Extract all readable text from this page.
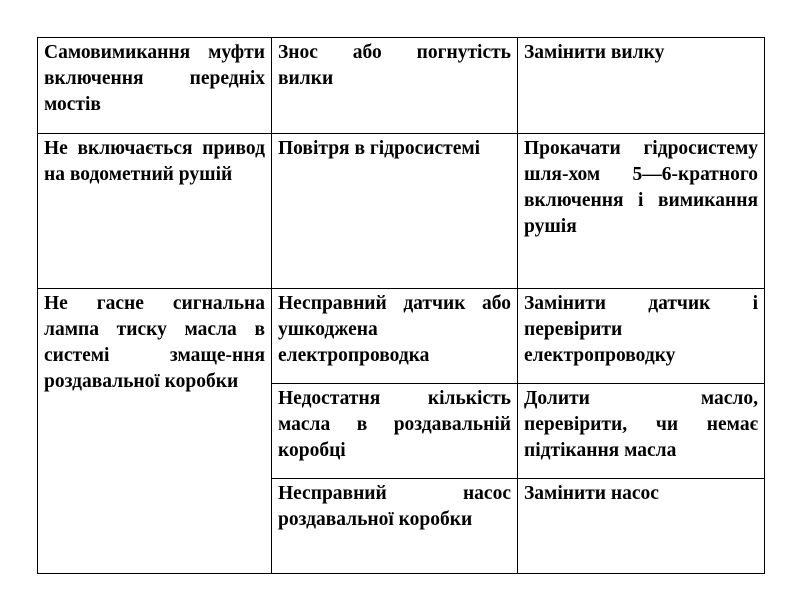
Самовимикання муфти включення передніх мостів	Знос або погнутість вилки	Замінити вилку
Не включається привод на водометний рушій	Повітря в гідросистемі	Прокачати гідросистему шля-хом 5—6-кратного включення і вимикання рушія
Не гасне сигнальна лампа тиску масла в системі змаще-ння роздавальної коробки	Несправний датчик або ушкоджена електропроводка	Замінити датчик і перевірити електропроводку
	Недостатня кількість масла в роздавальній коробці	Долити масло, перевірити, чи немає підтікання масла
	Несправний насос роздавальної коробки	Замінити насос
